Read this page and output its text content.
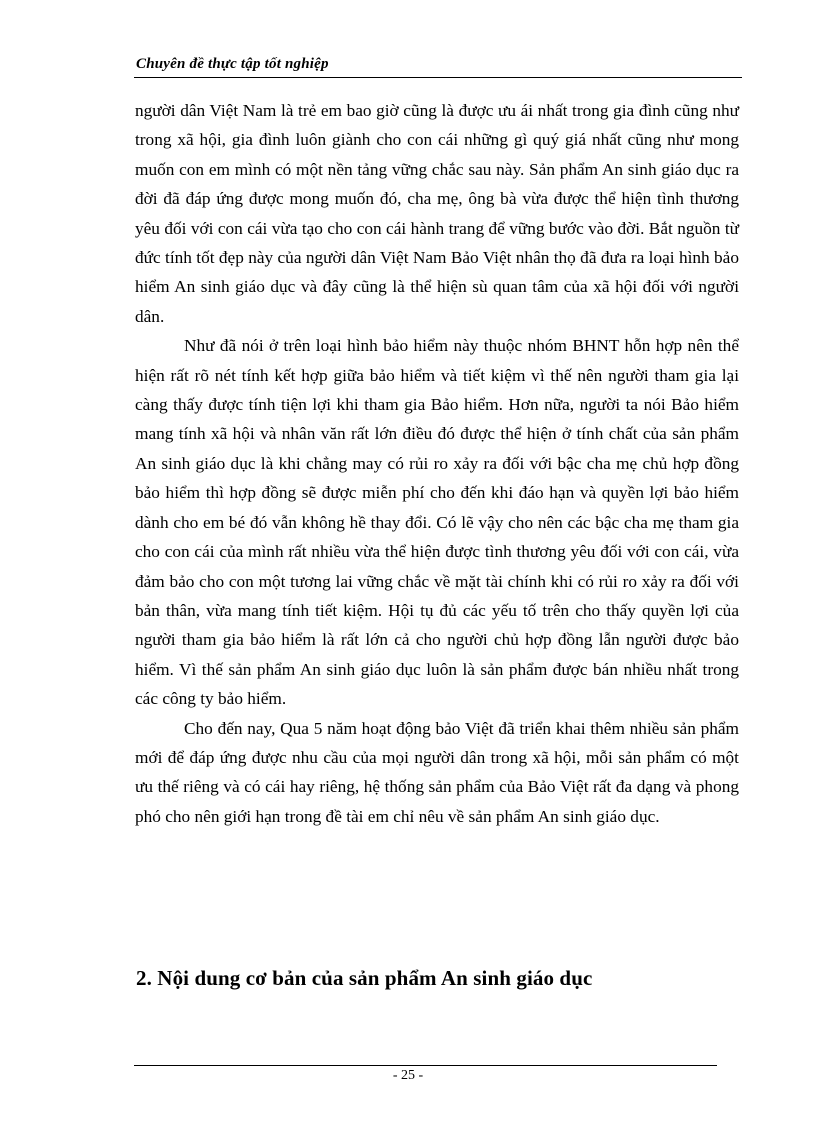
Chuyên đề thực tập tốt nghiệp

người dân Việt Nam là trẻ em bao giờ cũng là được ưu ái nhất trong gia đình cũng như trong xã hội, gia đình luôn giành cho con cái những gì quý giá nhất cũng như mong muốn con em mình có một nền tảng vững chắc sau này. Sản phẩm An sinh giáo dục ra đời đã đáp ứng được mong muốn đó, cha mẹ, ông bà vừa được thể hiện tình thương yêu đối với con cái vừa tạo cho con cái hành trang để vững bước vào đời. Bắt nguồn từ đức tính tốt đẹp này của người dân Việt Nam Bảo Việt nhân thọ đã đưa ra loại hình bảo hiểm An sinh giáo dục và đây cũng là thể hiện sù quan tâm của xã hội đối với người dân.

Như đã nói ở trên loại hình bảo hiểm này thuộc nhóm BHNT hỗn hợp nên thể hiện rất rõ nét tính kết hợp giữa bảo hiểm và tiết kiệm vì thế nên người tham gia lại càng thấy được tính tiện lợi khi tham gia Bảo hiểm. Hơn nữa, người ta nói Bảo hiểm mang tính xã hội và nhân văn rất lớn điều đó được thể hiện ở tính chất của sản phẩm An sinh giáo dục là khi chẳng may có rủi ro xảy ra đối với bậc cha mẹ chủ hợp đồng bảo hiểm thì hợp đồng sẽ được miễn phí cho đến khi đáo hạn và quyền lợi bảo hiểm dành cho em bé đó vẫn không hề thay đổi. Có lẽ vậy cho nên các bậc cha mẹ tham gia cho con cái của mình rất nhiều vừa thể hiện được tình thương yêu đối với con cái, vừa đảm bảo cho con một tương lai vững chắc về mặt tài chính khi có rủi ro xảy ra đối với bản thân, vừa mang tính tiết kiệm. Hội tụ đủ các yếu tố trên cho thấy quyền lợi của người tham gia bảo hiểm là rất lớn cả cho người chủ hợp đồng lẫn người được bảo hiểm. Vì thế sản phẩm An sinh giáo dục luôn là sản phẩm được bán nhiều nhất trong các công ty bảo hiểm.

Cho đến nay, Qua 5 năm hoạt động bảo Việt đã triển khai thêm nhiều sản phẩm mới để đáp ứng được nhu cầu của mọi người dân trong xã hội, mỗi sản phẩm có một ưu thế riêng và có cái hay riêng, hệ thống sản phẩm của Bảo Việt rất đa dạng và phong phó cho nên giới hạn trong đề tài em chỉ nêu về sản phẩm An sinh giáo dục.

2. Nội dung cơ bản của sản phẩm An sinh giáo dục
- 25 -
